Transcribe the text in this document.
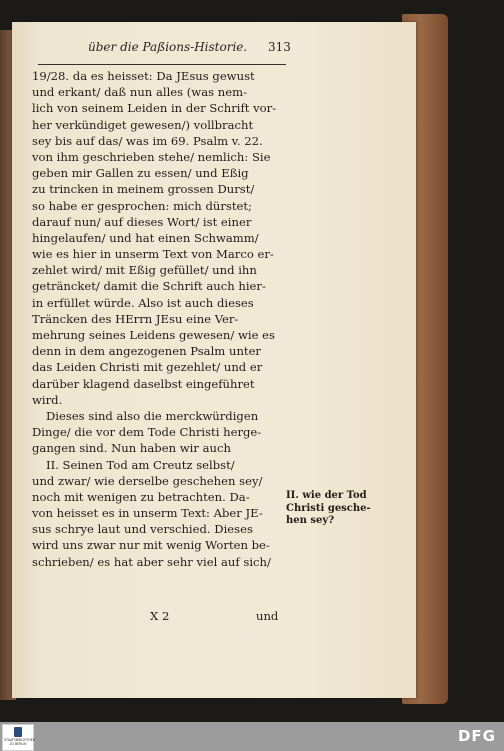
über die Paßions-Historie. 313
19/28. da es heisset: Da JEsus gewust
und erkant/ daß nun alles (was nem-
lich von seinem Leiden in der Schrift vor-
her verkündiget gewesen/) vollbracht
sey bis auf das/ was im 69. Psalm v. 22.
von ihm geschrieben stehe/ nemlich: Sie
geben mir Gallen zu essen/ und Eßig
zu trincken in meinem grossen Durst/
so habe er gesprochen: mich dürstet;
darauf nun/ auf dieses Wort/ ist einer
hingelaufen/ und hat einen Schwamm/
wie es hier in unserm Text von Marco er-
zehlet wird/ mit Eßig gefüllet/ und ihn
geträncket/ damit die Schrift auch hier-
in erfüllet würde. Also ist auch dieses
Träncken des HErrn JEsu eine Ver-
mehrung seines Leidens gewesen/ wie es
denn in dem angezogenen Psalm unter
das Leiden Christi mit gezehlet/ und er
darüber klagend daselbst eingeführet
wird.
Dieses sind also die merckwürdigen
Dinge/ die vor dem Tode Christi herge-
gangen sind. Nun haben wir auch
II. Seinen Tod am Creutz selbst/
und zwar/ wie derselbe geschehen sey/
noch mit wenigen zu betrachten. Da-
von heisset es in unserm Text: Aber JE-
sus schrye laut und verschied. Dieses
wird uns zwar nur mit wenig Worten be-
schrieben/ es hat aber sehr viel auf sich/

II. wie der Tod
Christi gesche-
hen sey?
X 2	und
STAATSBIBLIOTHEK ZU BERLIN	DFG
